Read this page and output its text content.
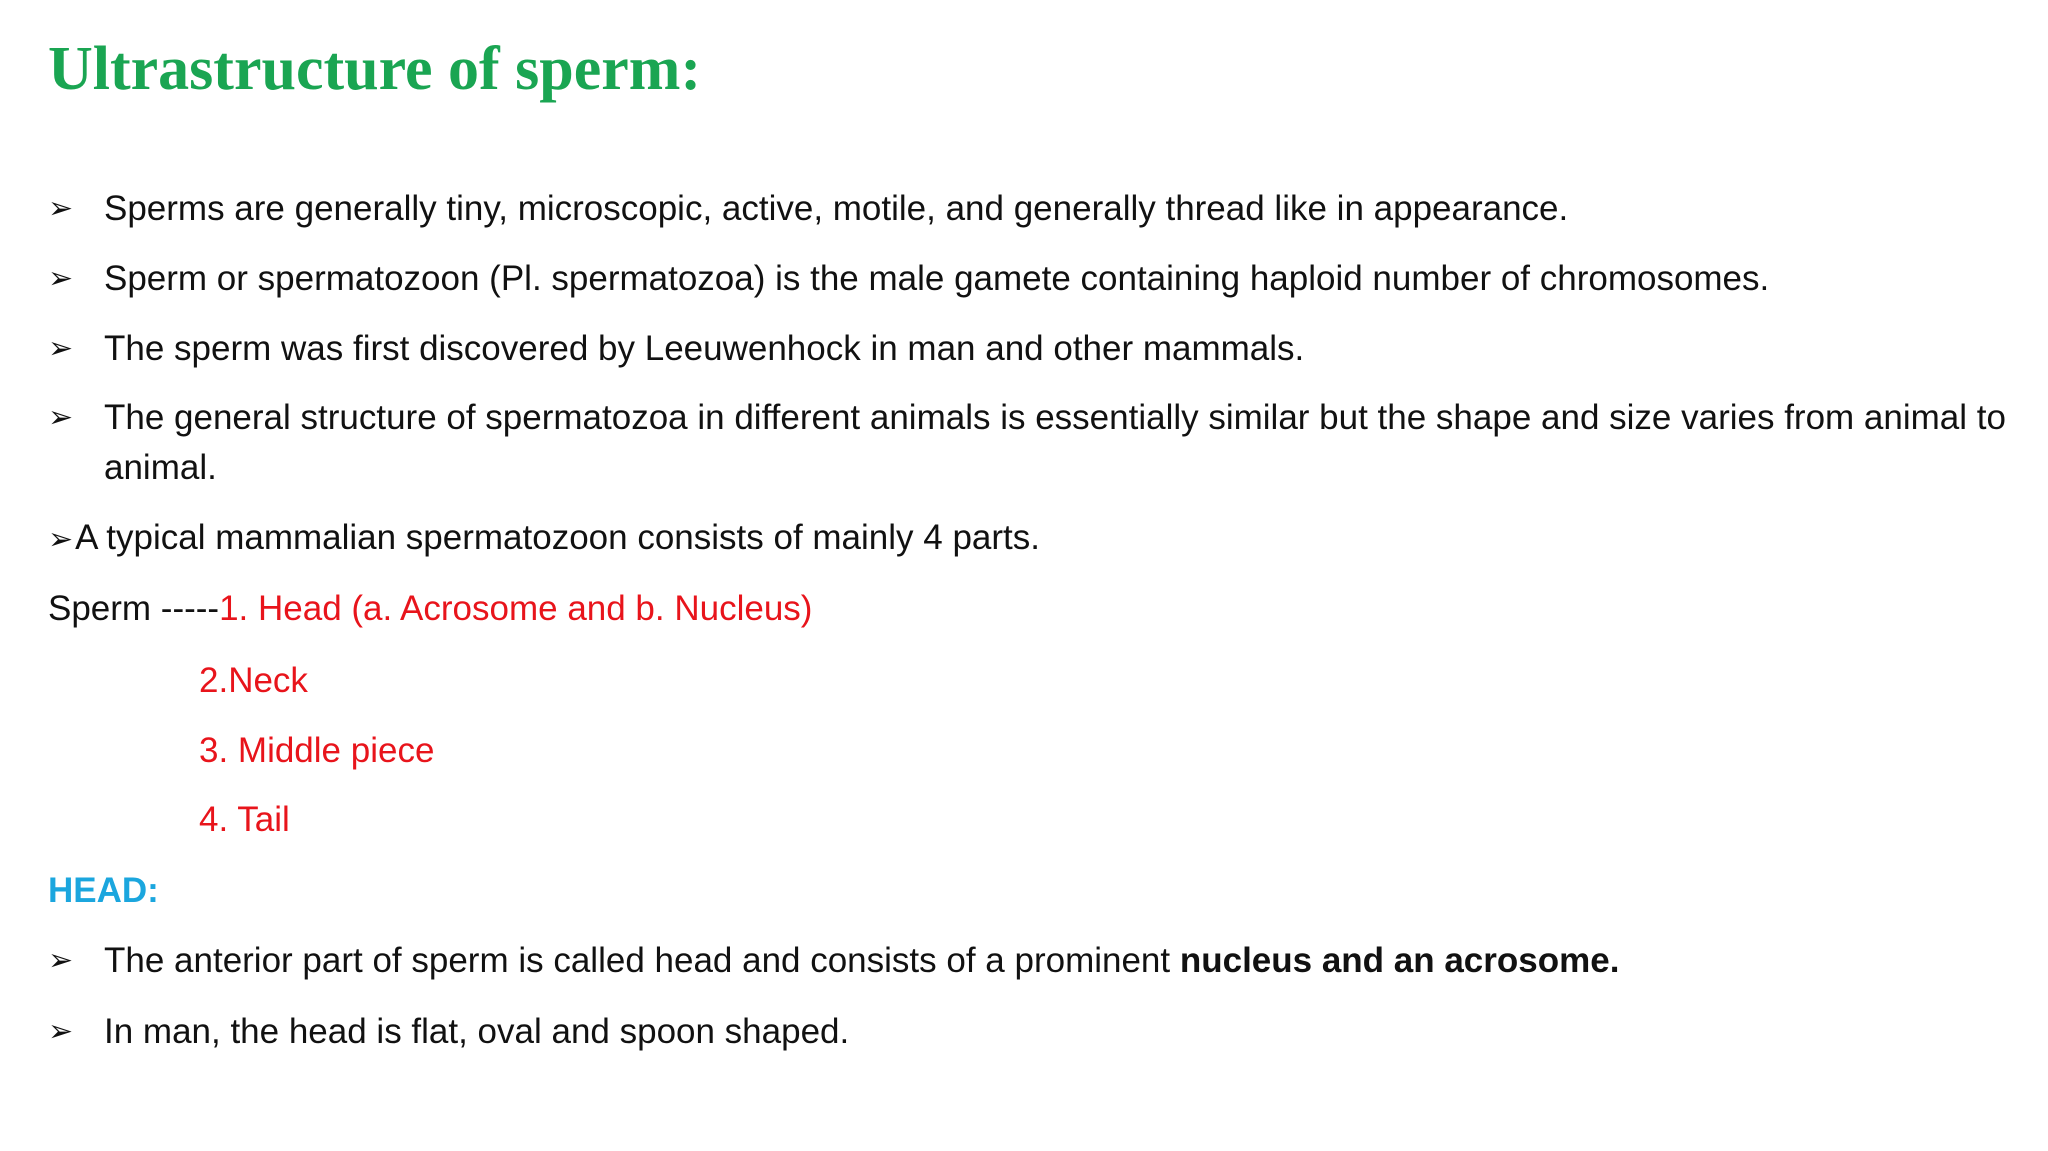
Ultrastructure of sperm:
➢ Sperms are generally tiny, microscopic, active, motile, and generally thread like in appearance.
➢ Sperm or spermatozoon (Pl. spermatozoa) is the male gamete containing haploid number of chromosomes.
➢ The sperm was first discovered by Leeuwenhock in man and other mammals.
➢ The general structure of spermatozoa in different animals is essentially similar but the shape and size varies from animal to animal.
➢A typical mammalian spermatozoon consists of mainly 4 parts.
Sperm -----1. Head (a. Acrosome and b. Nucleus)
2.Neck
3. Middle piece
4. Tail
HEAD:
➢ The anterior part of sperm is called head and consists of a prominent nucleus and an acrosome.
➢ In man, the head is flat, oval and spoon shaped.
